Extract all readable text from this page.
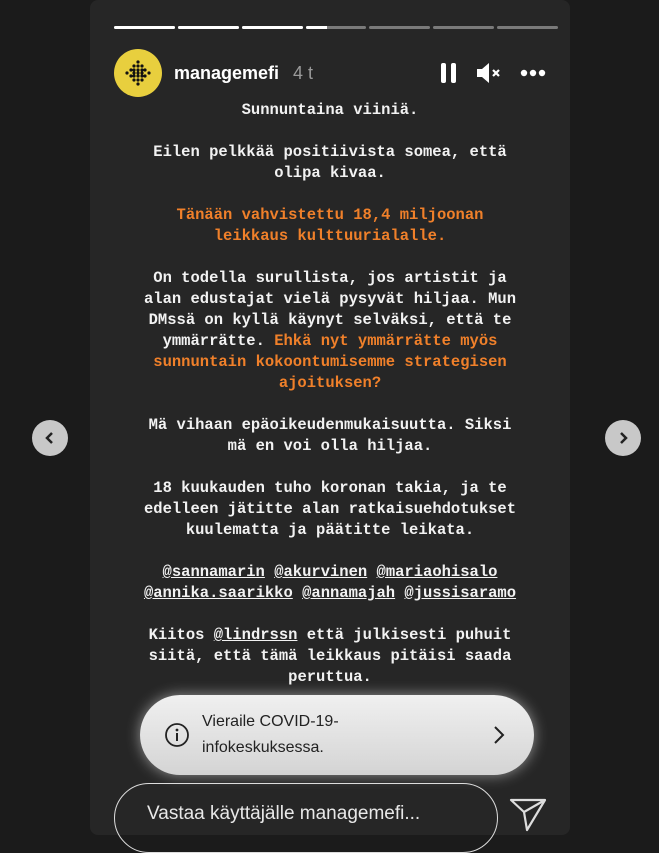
managemefi 4 t
Sunnuntaina viiniä.
Eilen pelkkää positiivista somea, että
olipa kivaa.
Tänään vahvistettu 18,4 miljoonan
leikkaus kulttuurialalle.
On todella surullista, jos artistit ja
alan edustajat vielä pysyvät hiljaa. Mun
DMssä on kyllä käynyt selväksi, että te
ymmärrätte. Ehkä nyt ymmärrätte myös
sunnuntain kokoontumisemme strategisen
ajoituksen?
Mä vihaan epäoikeudenmukaisuutta. Siksi
mä en voi olla hiljaa.
18 kuukauden tuho koronan takia, ja te
edelleen jätitte alan ratkaisuehdotukset
kuulematta ja päätitte leikata.
@sannamarin @akurvinen @mariaohisalo
@annika.saarikko @annamajah @jussisaramo
Kiitos @lindrssn että julkisesti puhuit
siitä, että tämä leikkaus pitäisi saada
peruttua.
Vieraile COVID-19-infokeskuksessa.
Vastaa käyttäjälle managemefi...
